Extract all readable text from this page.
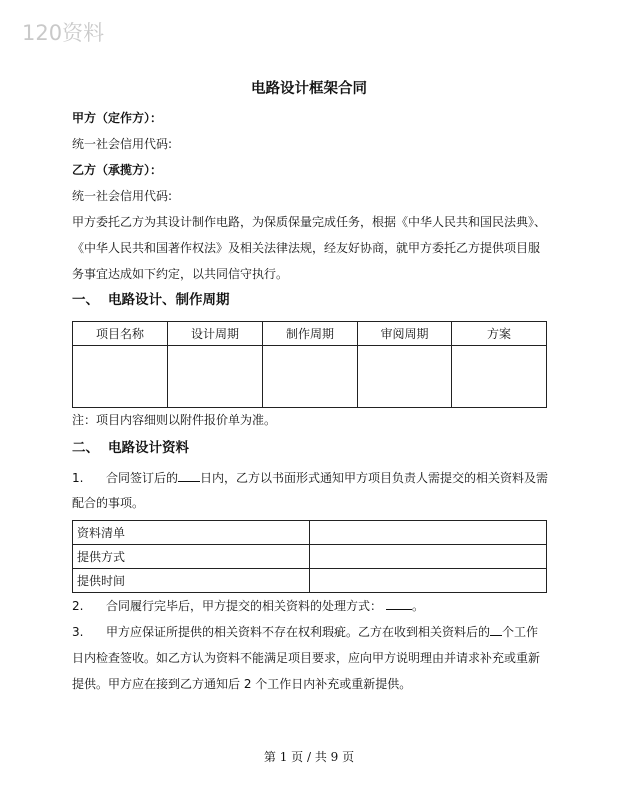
120资料
电路设计框架合同
甲方（定作方）：
统一社会信用代码:
乙方（承揽方）：
统一社会信用代码:
甲方委托乙方为其设计制作电路，为保质保量完成任务，根据《中华人民共和国民法典》、
《中华人民共和国著作权法》及相关法律法规，经友好协商，就甲方委托乙方提供项目服
务事宜达成如下约定，以共同信守执行。
一、 电路设计、制作周期
项目名称	设计周期	制作周期	审阅周期	方案

注：项目内容细则以附件报价单为准。
二、 电路设计资料
1. 合同签订后的 日内，乙方以书面形式通知甲方项目负责人需提交的相关资料及需
配合的事项。
资料清单	
提供方式	
提供时间	
2. 合同履行完毕后，甲方提交的相关资料的处理方式：	。
3. 甲方应保证所提供的相关资料不存在权利瑕疵。乙方在收到相关资料后的 个工作
日内检查签收。如乙方认为资料不能满足项目要求，应向甲方说明理由并请求补充或重新
提供。甲方应在接到乙方通知后 2 个工作日内补充或重新提供。
第 1 页 / 共 9 页
